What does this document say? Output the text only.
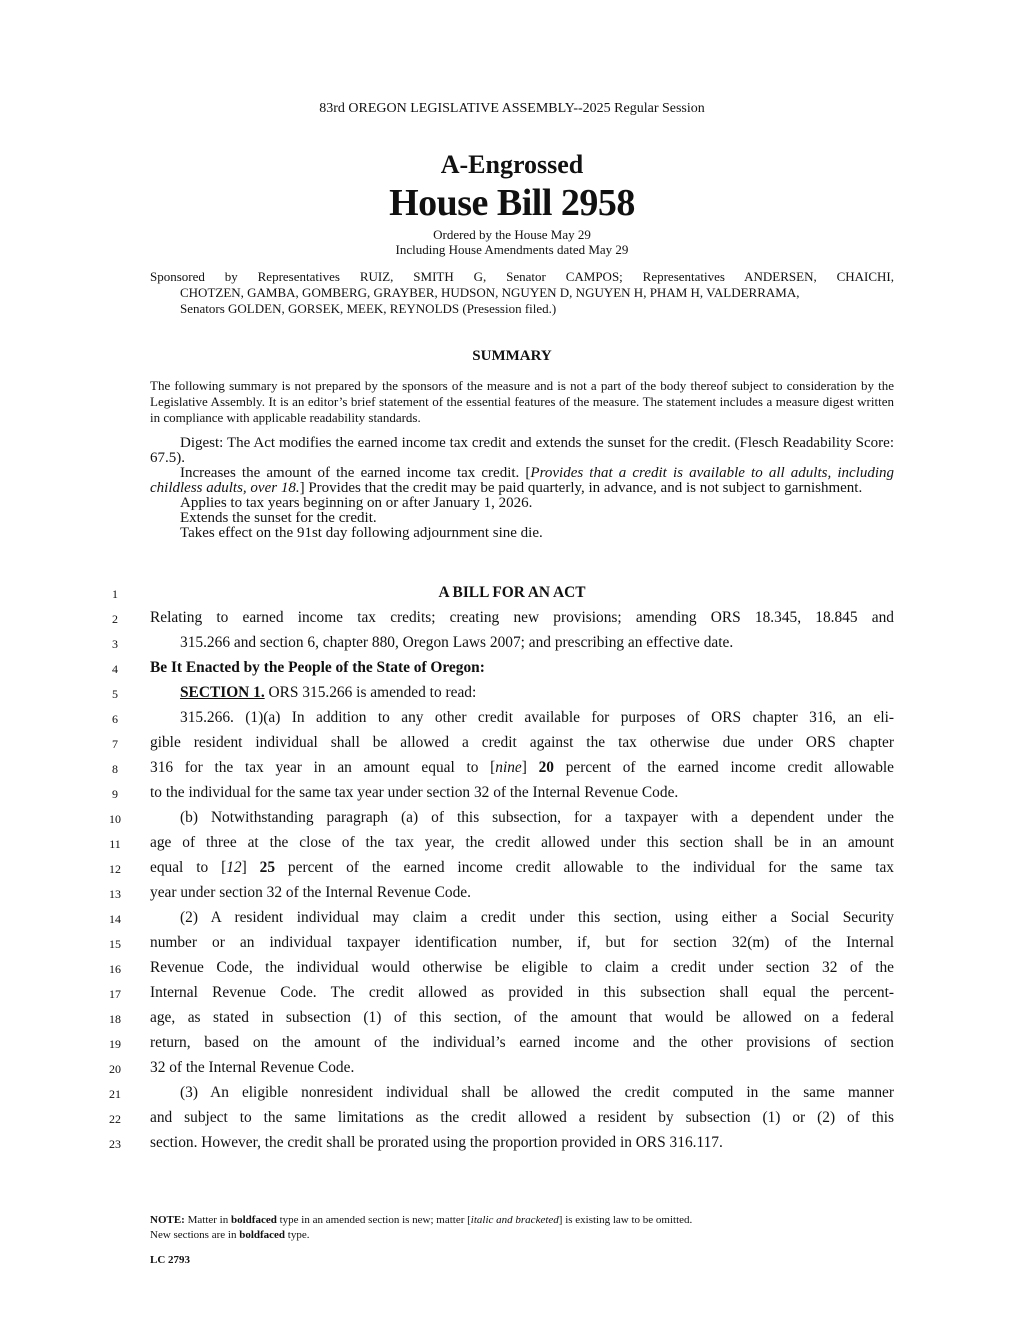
83rd OREGON LEGISLATIVE ASSEMBLY--2025 Regular Session
A-Engrossed
House Bill 2958
Ordered by the House May 29
Including House Amendments dated May 29
Sponsored by Representatives RUIZ, SMITH G, Senator CAMPOS; Representatives ANDERSEN, CHAICHI,
CHOTZEN, GAMBA, GOMBERG, GRAYBER, HUDSON, NGUYEN D, NGUYEN H, PHAM H, VALDERRAMA,
Senators GOLDEN, GORSEK, MEEK, REYNOLDS (Presession filed.)
SUMMARY
The following summary is not prepared by the sponsors of the measure and is not a part of the body thereof subject to consideration by the Legislative Assembly. It is an editor’s brief statement of the essential features of the measure. The statement includes a measure digest written in compliance with applicable readability standards.
Digest: The Act modifies the earned income tax credit and extends the sunset for the credit. (Flesch Readability Score: 67.5).
Increases the amount of the earned income tax credit. [Provides that a credit is available to all adults, including childless adults, over 18.] Provides that the credit may be paid quarterly, in advance, and is not subject to garnishment.
Applies to tax years beginning on or after January 1, 2026.
Extends the sunset for the credit.
Takes effect on the 91st day following adjournment sine die.
1
2
3
4
5
6
7
8
9
10
11
12
13
14
15
16
17
18
19
20
21
22
23
A BILL FOR AN ACT
Relating to earned income tax credits; creating new provisions; amending ORS 18.345, 18.845 and
315.266 and section 6, chapter 880, Oregon Laws 2007; and prescribing an effective date.
Be It Enacted by the People of the State of Oregon:
SECTION 1. ORS 315.266 is amended to read:
315.266. (1)(a) In addition to any other credit available for purposes of ORS chapter 316, an eli-
gible resident individual shall be allowed a credit against the tax otherwise due under ORS chapter
316 for the tax year in an amount equal to [nine] 20 percent of the earned income credit allowable
to the individual for the same tax year under section 32 of the Internal Revenue Code.
(b) Notwithstanding paragraph (a) of this subsection, for a taxpayer with a dependent under the
age of three at the close of the tax year, the credit allowed under this section shall be in an amount
equal to [12] 25 percent of the earned income credit allowable to the individual for the same tax
year under section 32 of the Internal Revenue Code.
(2) A resident individual may claim a credit under this section, using either a Social Security
number or an individual taxpayer identification number, if, but for section 32(m) of the Internal
Revenue Code, the individual would otherwise be eligible to claim a credit under section 32 of the
Internal Revenue Code. The credit allowed as provided in this subsection shall equal the percent-
age, as stated in subsection (1) of this section, of the amount that would be allowed on a federal
return, based on the amount of the individual’s earned income and the other provisions of section
32 of the Internal Revenue Code.
(3) An eligible nonresident individual shall be allowed the credit computed in the same manner
and subject to the same limitations as the credit allowed a resident by subsection (1) or (2) of this
section. However, the credit shall be prorated using the proportion provided in ORS 316.117.
NOTE: Matter in boldfaced type in an amended section is new; matter [italic and bracketed] is existing law to be omitted.
New sections are in boldfaced type.
LC 2793
